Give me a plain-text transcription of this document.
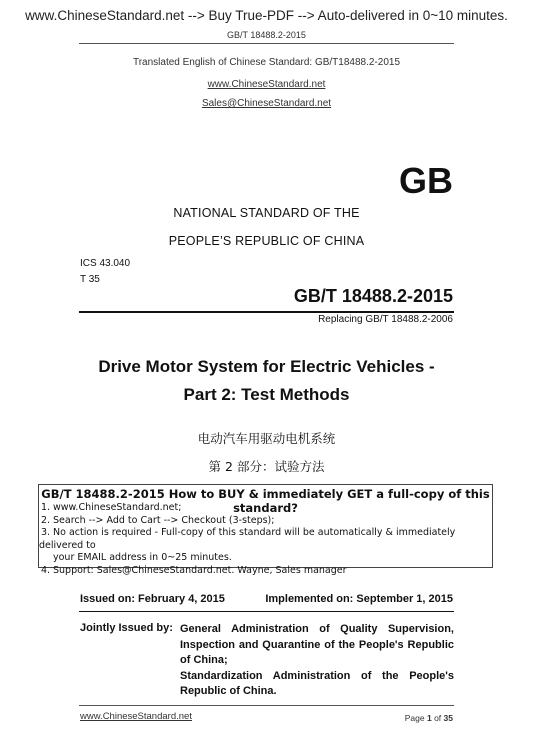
www.ChineseStandard.net --> Buy True-PDF --> Auto-delivered in 0~10 minutes.
GB/T 18488.2-2015
Translated English of Chinese Standard: GB/T18488.2-2015
www.ChineseStandard.net
Sales@ChineseStandard.net
GB
NATIONAL STANDARD OF THE
PEOPLE’S REPUBLIC OF CHINA
ICS 43.040
T 35
GB/T 18488.2-2015
Replacing GB/T 18488.2-2006
Drive Motor System for Electric Vehicles -
Part 2: Test Methods
电动汽车用驱动电机系统
第 2 部分：试验方法
GB/T 18488.2-2015 How to BUY & immediately GET a full-copy of this standard?
1. www.ChineseStandard.net;
2. Search --> Add to Cart --> Checkout (3-steps);
3. No action is required - Full-copy of this standard will be automatically & immediately delivered to
your EMAIL address in 0~25 minutes.
4. Support: Sales@ChineseStandard.net. Wayne, Sales manager
Issued on: February 4, 2015	Implemented on: September 1, 2015
Jointly Issued by: General Administration of Quality Supervision, Inspection and Quarantine of the People's Republic of China;

Standardization Administration of the People's Republic of China.

www.ChineseStandard.net	Page 1 of 35
